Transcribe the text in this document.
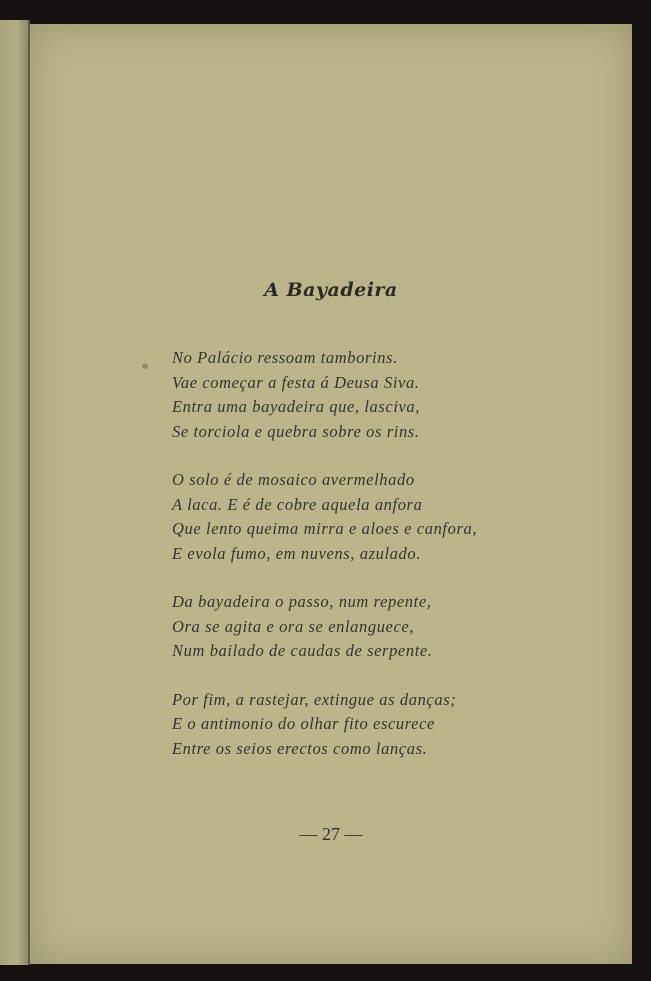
A Bayadeira
No Palácio ressoam tamborins.
Vae começar a festa á Deusa Siva.
Entra uma bayadeira que, lasciva,
Se torciola e quebra sobre os rins.
O solo é de mosaico avermelhado
A laca. E é de cobre aquela anfora
Que lento queima mirra e aloes e canfora,
E evola fumo, em nuvens, azulado.
Da bayadeira o passo, num repente,
Ora se agita e ora se enlanguece,
Num bailado de caudas de serpente.
Por fim, a rastejar, extingue as danças;
E o antimonio do olhar fito escurece
Entre os seios erectos como lanças.
— 27 —
